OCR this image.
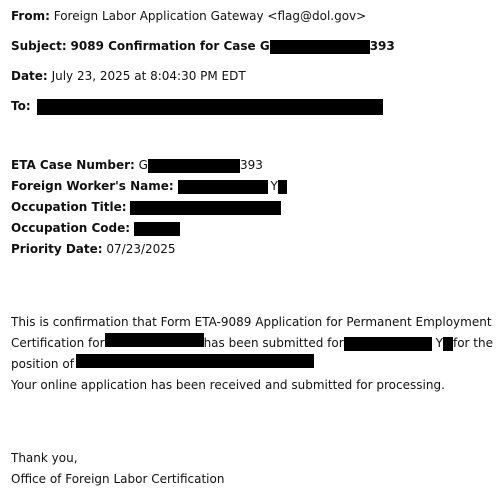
From: Foreign Labor Application Gateway <flag@dol.gov>
Subject: 9089 Confirmation for Case G	393
Date: July 23, 2025 at 8:04:30 PM EDT
To:
ETA Case Number: G	393
Foreign Worker's Name:	Y
Occupation Title:
Occupation Code:
Priority Date: 07/23/2025
This is confirmation that Form ETA-9089 Application for Permanent Employment
Certification for	has been submitted for	Y for the
position of
Your online application has been received and submitted for processing.
Thank you,
Office of Foreign Labor Certification
